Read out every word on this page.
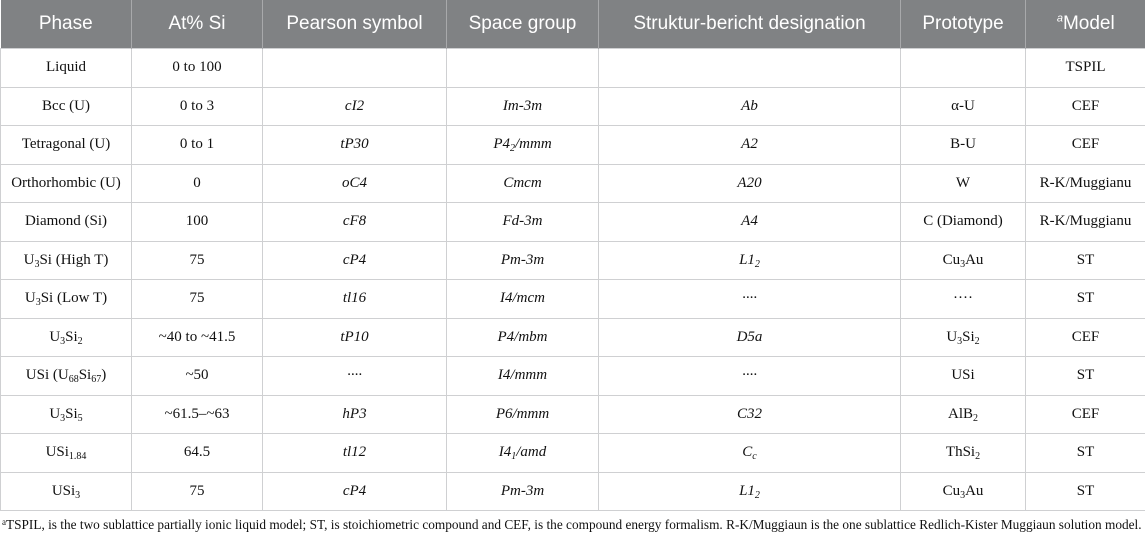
Phase	At% Si	Pearson symbol	Space group	Struktur-bericht designation	Prototype	$^a$Model
Liquid	0 to 100					TSPIL
Bcc (U)	0 to 3	cI2	Im-3m	Ab	α-U	CEF
Tetragonal (U)	0 to 1	tP30	$P4_2$/mmm	A2	B-U	CEF
Orthorhombic (U)	0	oC4	Cmcm	A20	W	R-K/Muggianu
Diamond (Si)	100	cF8	Fd-3m	A4	C (Diamond)	R-K/Muggianu
$U_3Si$ (High T)	75	cP4	Pm-3m	$L1_2$	$Cu_3Au$	ST
$U_3Si$ (Low T)	75	tl16	I4/mcm	····	····	ST
$U_3Si_2$	~40 to ~41.5	tP10	P4/mbm	D5a	$U_3Si_2$	CEF
USi $(U_{68}Si_{67})$	~50	····	I4/mmm	····	USi	ST
$U_3Si_5$	~61.5–~63	hP3	P6/mmm	C32	AlB$_2$	CEF
USi$_{1.84}$	64.5	tl12	$I4_1$/amd	$C_c$	ThSi$_2$	ST
USi$_3$	75	cP4	Pm-3m	$L1_2$	$Cu_3Au$	ST
$^a$TSPIL, is the two sublattice partially ionic liquid model; ST, is stoichiometric compound and CEF, is the compound energy formalism. R-K/Muggiaun is the one sublattice Redlich-Kister Muggiaun solution model.
